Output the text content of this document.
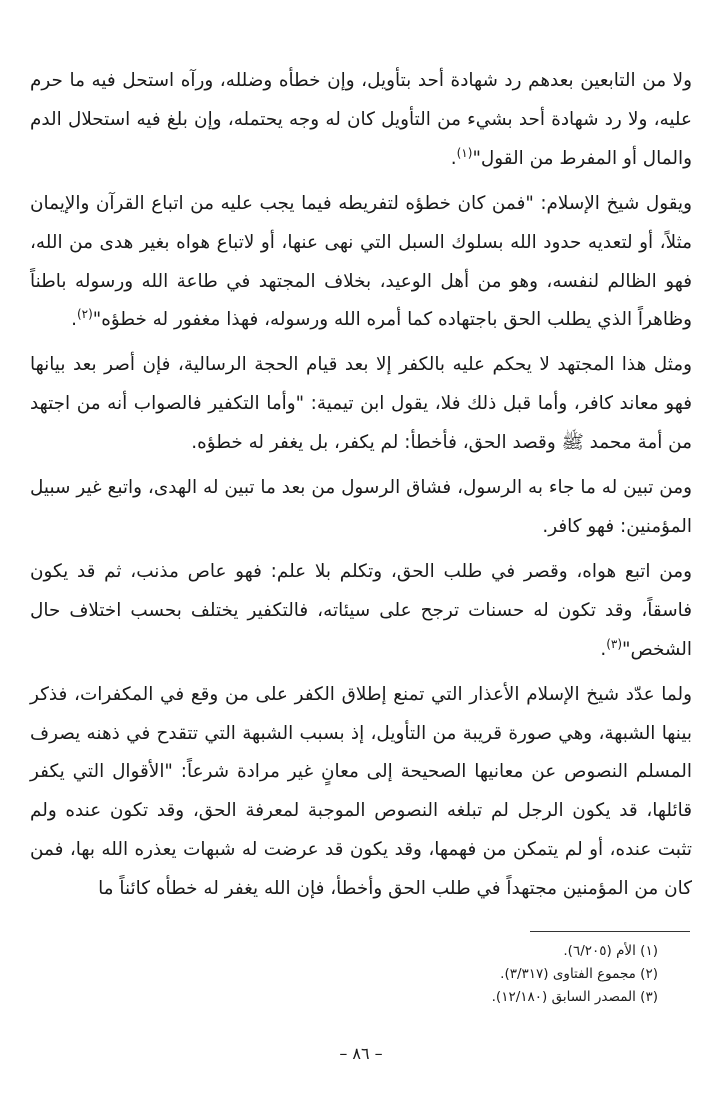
ولا من التابعين بعدهم رد شهادة أحد بتأويل، وإن خطأه وضلله، ورآه استحل فيه ما حرم عليه، ولا رد شهادة أحد بشيء من التأويل كان له وجه يحتمله، وإن بلغ فيه استحلال الدم والمال أو المفرط من القول"$^{(١)}$.

ويقول شيخ الإسلام: "فمن كان خطؤه لتفريطه فيما يجب عليه من اتباع القرآن والإيمان مثلاً، أو لتعديه حدود الله بسلوك السبل التي نهى عنها، أو لاتباع هواه بغير هدى من الله، فهو الظالم لنفسه، وهو من أهل الوعيد، بخلاف المجتهد في طاعة الله ورسوله باطناً وظاهراً الذي يطلب الحق باجتهاده كما أمره الله ورسوله، فهذا مغفور له خطؤه"$^{(٢)}$.

ومثل هذا المجتهد لا يحكم عليه بالكفر إلا بعد قيام الحجة الرسالية، فإن أصر بعد بيانها فهو معاند كافر، وأما قبل ذلك فلا، يقول ابن تيمية: "وأما التكفير فالصواب أنه من اجتهد من أمة محمد ﷺ وقصد الحق، فأخطأ: لم يكفر، بل يغفر له خطؤه.

ومن تبين له ما جاء به الرسول، فشاق الرسول من بعد ما تبين له الهدى، واتبع غير سبيل المؤمنين: فهو كافر.

ومن اتبع هواه، وقصر في طلب الحق، وتكلم بلا علم: فهو عاص مذنب، ثم قد يكون فاسقاً، وقد تكون له حسنات ترجح على سيئاته، فالتكفير يختلف بحسب اختلاف حال الشخص"$^{(٣)}$.

ولما عدّد شيخ الإسلام الأعذار التي تمنع إطلاق الكفر على من وقع في المكفرات، فذكر بينها الشبهة، وهي صورة قريبة من التأويل، إذ بسبب الشبهة التي تتقدح في ذهنه يصرف المسلم النصوص عن معانيها الصحيحة إلى معانٍ غير مرادة شرعاً: "الأقوال التي يكفر قائلها، قد يكون الرجل لم تبلغه النصوص الموجبة لمعرفة الحق، وقد تكون عنده ولم تثبت عنده، أو لم يتمكن من فهمها، وقد يكون قد عرضت له شبهات يعذره الله بها، فمن كان من المؤمنين مجتهداً في طلب الحق وأخطأ، فإن الله يغفر له خطأه كائناً ما

(١) الأم (٦/٢٠٥).
(٢) مجموع الفتاوى (٣/٣١٧).
(٣) المصدر السابق (١٢/١٨٠).
– ٨٦ –
